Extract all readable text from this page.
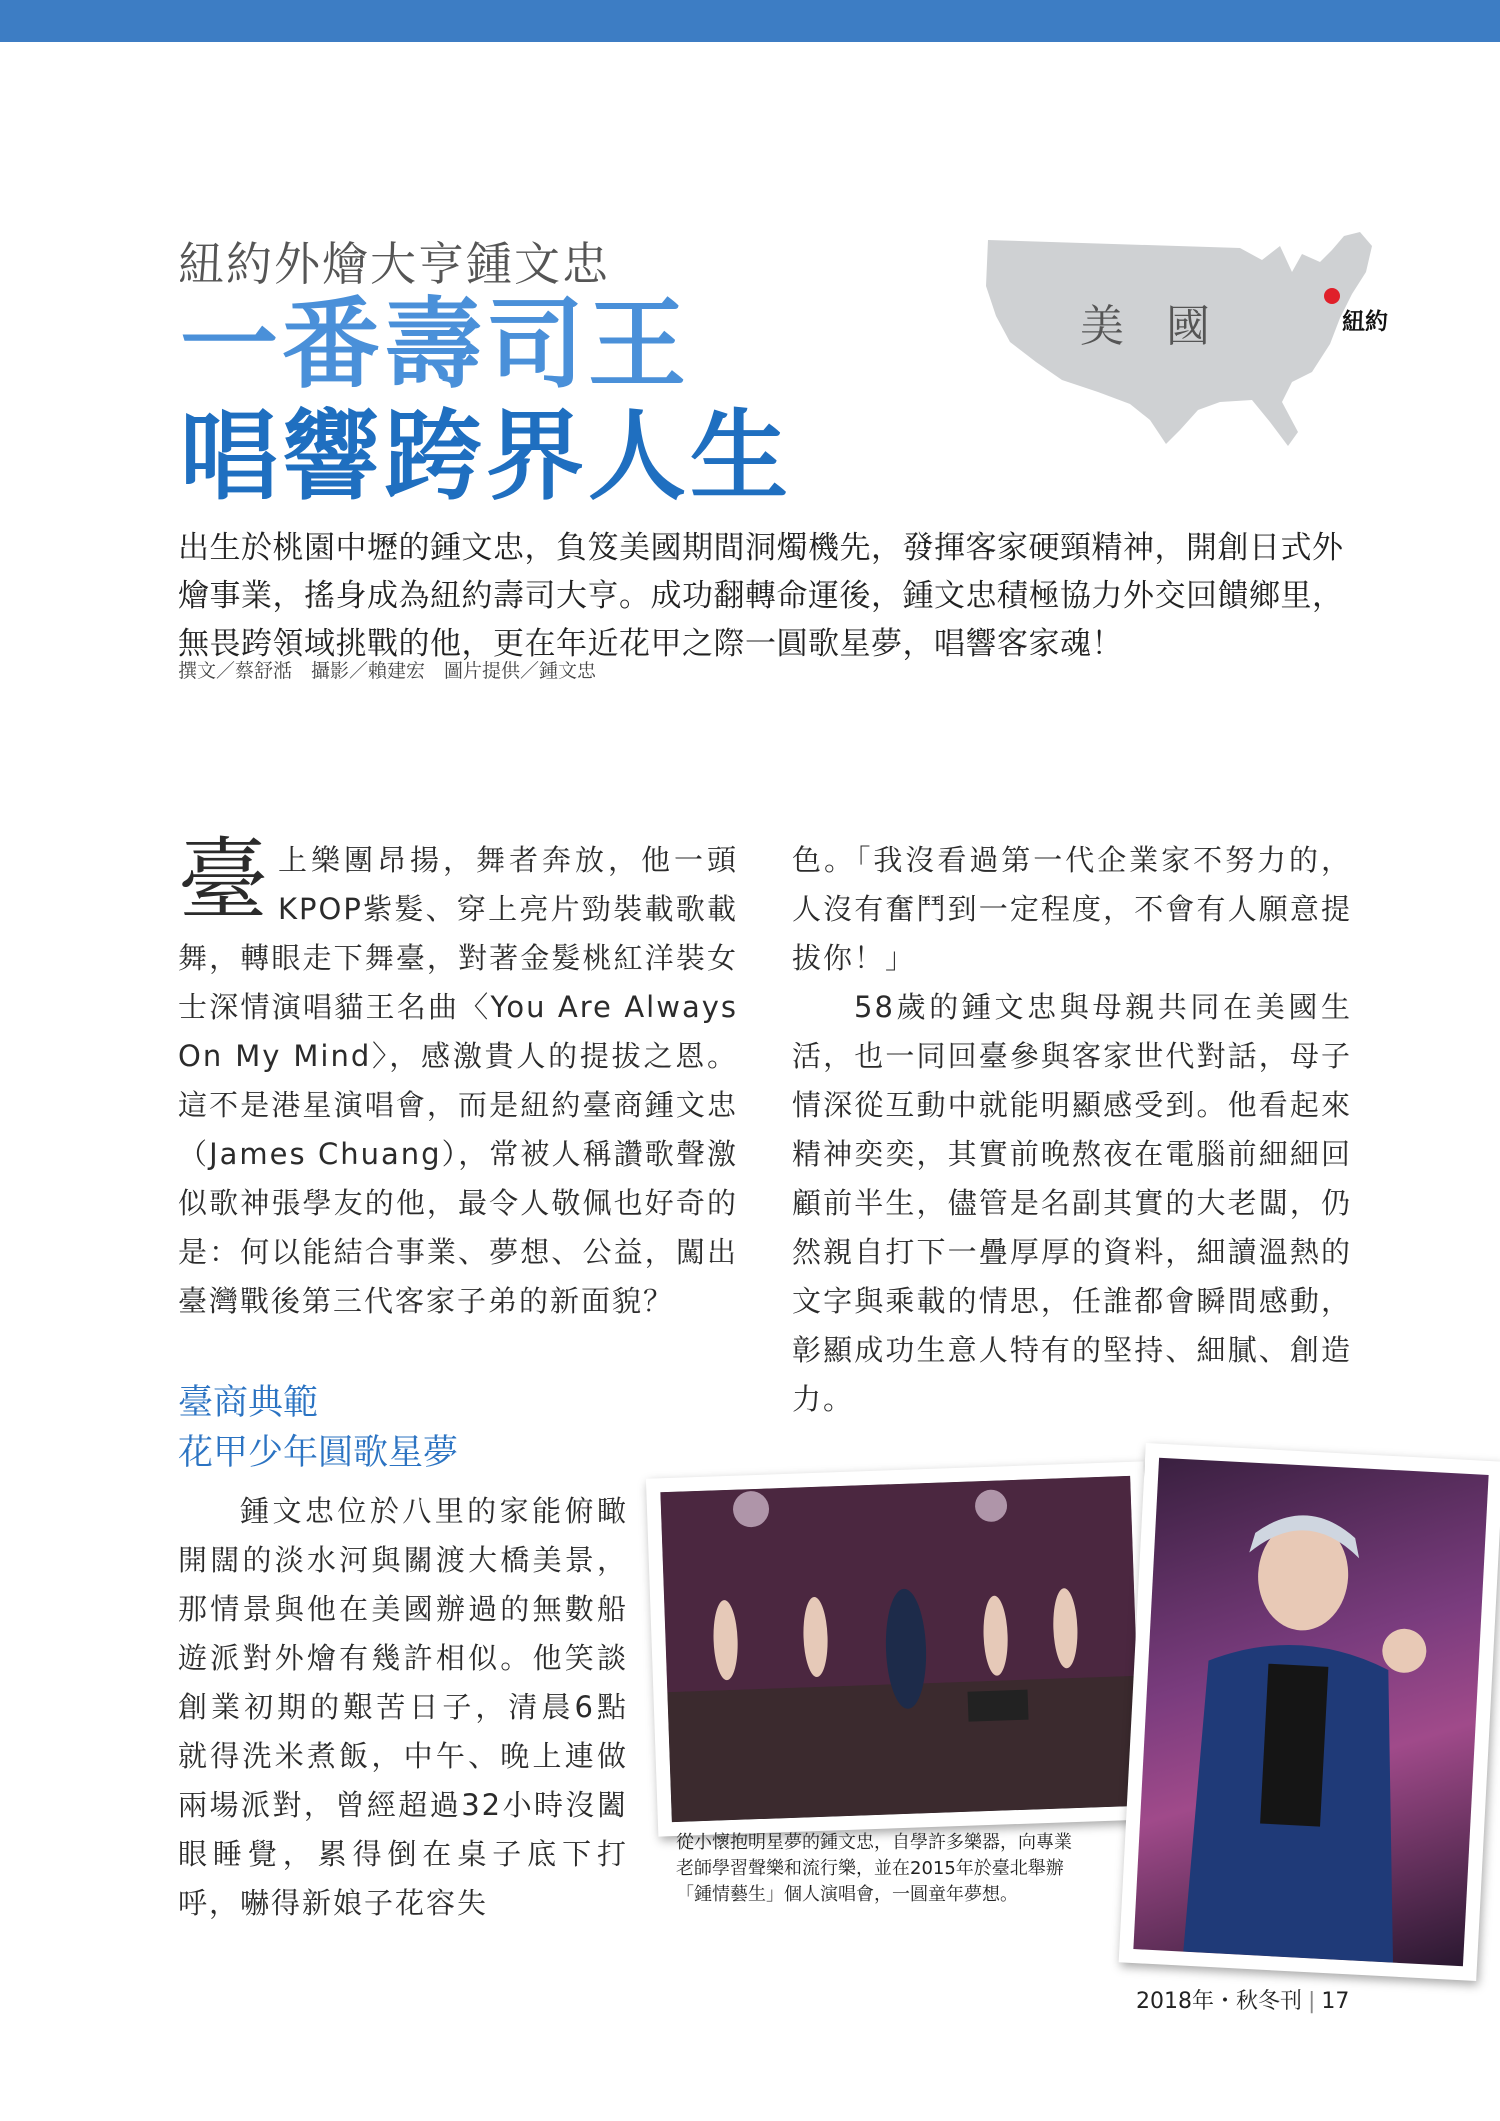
紐約外燴大亨鍾文忠
一番壽司王
唱響跨界人生
美 國	紐約
出生於桃園中壢的鍾文忠，負笈美國期間洞燭機先，發揮客家硬頸精神，開創日式外燴事業，搖身成為紐約壽司大亨。成功翻轉命運後，鍾文忠積極協力外交回饋鄉里，無畏跨領域挑戰的他，更在年近花甲之際一圓歌星夢，唱響客家魂！
撰文／蔡舒湉　攝影／賴建宏　圖片提供／鍾文忠

臺上樂團昂揚，舞者奔放，他一頭KPOP紫髮、穿上亮片勁裝載歌載舞，轉眼走下舞臺，對著金髮桃紅洋裝女士深情演唱貓王名曲〈You Are Always On My Mind〉，感激貴人的提拔之恩。這不是港星演唱會，而是紐約臺商鍾文忠（James Chuang），常被人稱讚歌聲激似歌神張學友的他，最令人敬佩也好奇的是：何以能結合事業、夢想、公益，闖出臺灣戰後第三代客家子弟的新面貌？

色。「我沒看過第一代企業家不努力的，人沒有奮鬥到一定程度，不會有人願意提拔你！」

58歲的鍾文忠與母親共同在美國生活，也一同回臺參與客家世代對話，母子情深從互動中就能明顯感受到。他看起來精神奕奕，其實前晚熬夜在電腦前細細回顧前半生，儘管是名副其實的大老闆，仍然親自打下一疊厚厚的資料，細讀溫熱的文字與乘載的情思，任誰都會瞬間感動，彰顯成功生意人特有的堅持、細膩、創造力。

臺商典範
花甲少年圓歌星夢

鍾文忠位於八里的家能俯瞰開闊的淡水河與關渡大橋美景，那情景與他在美國辦過的無數船遊派對外燴有幾許相似。他笑談創業初期的艱苦日子，清晨6點就得洗米煮飯，中午、晚上連做兩場派對，曾經超過32小時沒闔眼睡覺，累得倒在桌子底下打呼，嚇得新娘子花容失

從小懷抱明星夢的鍾文忠，自學許多樂器，向專業老師學習聲樂和流行樂，並在2015年於臺北舉辦「鍾情藝生」個人演唱會，一圓童年夢想。
2018年・秋冬刊 | 17
